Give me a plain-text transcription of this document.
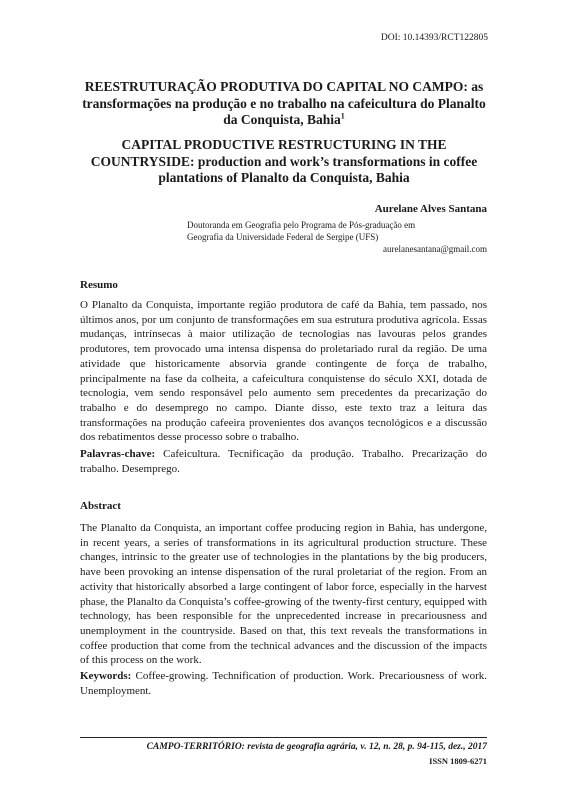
DOI: 10.14393/RCT122805
REESTRUTURAÇÃO PRODUTIVA DO CAPITAL NO CAMPO: as transformações na produção e no trabalho na cafeicultura do Planalto da Conquista, Bahia$^1$
CAPITAL PRODUCTIVE RESTRUCTURING IN THE COUNTRYSIDE: production and work’s transformations in coffee plantations of Planalto da Conquista, Bahia
Aurelane Alves Santana
Doutoranda em Geografia pelo Programa de Pós-graduação em
Geografia da Universidade Federal de Sergipe (UFS)
aurelanesantana@gmail.com
Resumo
O Planalto da Conquista, importante região produtora de café da Bahia, tem passado, nos últimos anos, por um conjunto de transformações em sua estrutura produtiva agrícola. Essas mudanças, intrínsecas à maior utilização de tecnologias nas lavouras pelos grandes produtores, tem provocado uma intensa dispensa do proletariado rural da região. De uma atividade que historicamente absorvia grande contingente de força de trabalho, principalmente na fase da colheita, a cafeicultura conquistense do século XXI, dotada de tecnologia, vem sendo responsável pelo aumento sem precedentes da precarização do trabalho e do desemprego no campo. Diante disso, este texto traz a leitura das transformações na produção cafeeira provenientes dos avanços tecnológicos e a discussão dos rebatimentos desse processo sobre o trabalho.
Palavras-chave: Cafeicultura. Tecnificação da produção. Trabalho. Precarização do trabalho. Desemprego.
Abstract
The Planalto da Conquista, an important coffee producing region in Bahia, has undergone, in recent years, a series of transformations in its agricultural production structure. These changes, intrinsic to the greater use of technologies in the plantations by the big producers, have been provoking an intense dispensation of the rural proletariat of the region. From an activity that historically absorbed a large contingent of labor force, especially in the harvest phase, the Planalto da Conquista’s coffee-growing of the twenty-first century, equipped with technology, has been responsible for the unprecedented increase in precariousness and unemployment in the countryside. Based on that, this text reveals the transformations in coffee production that come from the technical advances and the discussion of the impacts of this process on the work.
Keywords: Coffee-growing. Technification of production. Work. Precariousness of work. Unemployment.
CAMPO-TERRITÓRIO: revista de geografia agrária, v. 12, n. 28, p. 94-115, dez., 2017
ISSN 1809-6271
